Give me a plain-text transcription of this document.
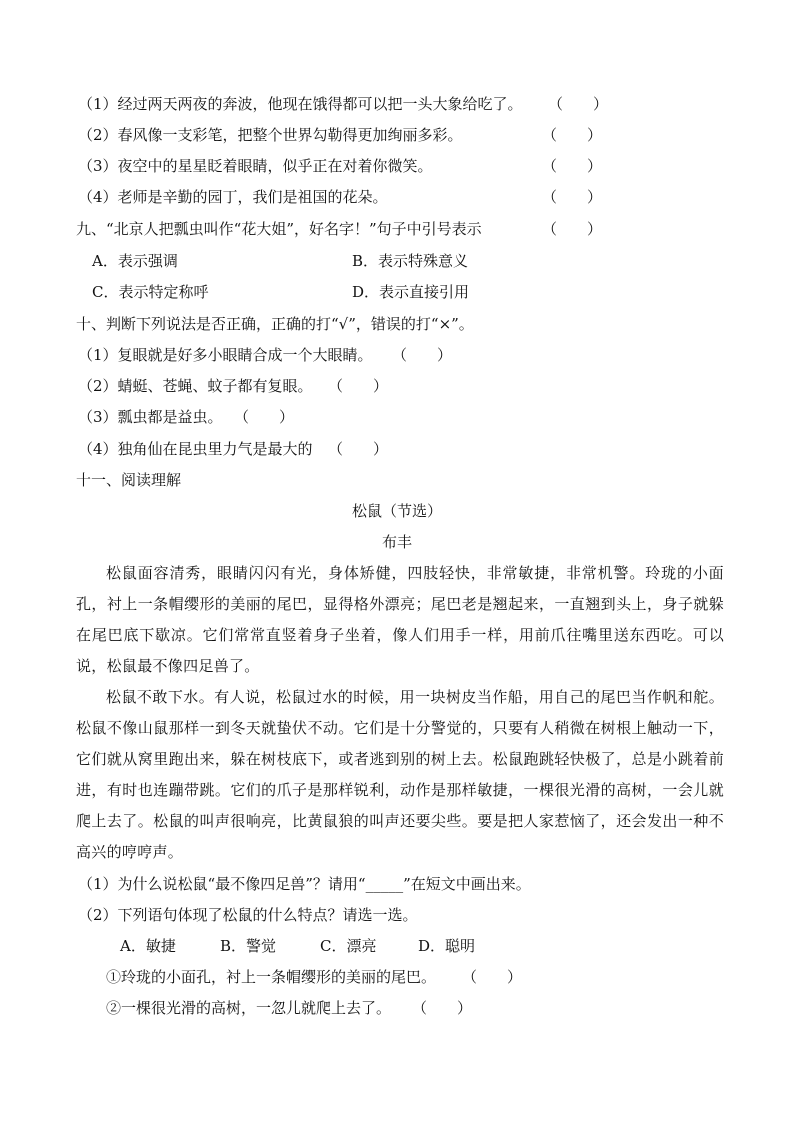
（1）经过两天两夜的奔波，他现在饿得都可以把一头大象给吃了。

（　　）

（2）春风像一支彩笔，把整个世界勾勒得更加绚丽多彩。

	（　　）

（3）夜空中的星星眨着眼睛，似乎正在对着你微笑。

	（　　）

（4）老师是辛勤的园丁，我们是祖国的花朵。

	（　　）

九、“北京人把瓢虫叫作“花大姐”，好名字！”句子中引号表示

	（　　）

A．表示强调

	B．表示特殊意义

C．表示特定称呼

	D．表示直接引用

十、判断下列说法是否正确，正确的打“√”，错误的打“×”。

（1）复眼就是好多小眼睛合成一个大眼睛。

（　　）

（2）蜻蜓、苍蝇、蚊子都有复眼。

（　　）

（3）瓢虫都是益虫。

（　　）

（4）独角仙在昆虫里力气是最大的

（　　）

十一、阅读理解

松鼠（节选）
布丰
松鼠面容清秀，眼睛闪闪有光，身体矫健，四肢轻快，非常敏捷，非常机警。玲珑的小面孔，衬上一条帽缨形的美丽的尾巴，显得格外漂亮；尾巴老是翘起来，一直翘到头上，身子就躲在尾巴底下歇凉。它们常常直竖着身子坐着，像人们用手一样，用前爪往嘴里送东西吃。可以说，松鼠最不像四足兽了。
松鼠不敢下水。有人说，松鼠过水的时候，用一块树皮当作船，用自己的尾巴当作帆和舵。松鼠不像山鼠那样一到冬天就蛰伏不动。它们是十分警觉的，只要有人稍微在树根上触动一下，它们就从窝里跑出来，躲在树枝底下，或者逃到别的树上去。松鼠跑跳轻快极了，总是小跳着前进，有时也连蹦带跳。它们的爪子是那样锐利，动作是那样敏捷，一棵很光滑的高树，一会儿就爬上去了。松鼠的叫声很响亮，比黄鼠狼的叫声还要尖些。要是把人家惹恼了，还会发出一种不高兴的哼哼声。

（1）为什么说松鼠“最不像四足兽”？请用“_____”在短文中画出来。

（2）下列语句体现了松鼠的什么特点？请选一选。

A．敏捷

	B．警觉

	C．漂亮

	D．聪明

①玲珑的小面孔，衬上一条帽缨形的美丽的尾巴。

（　　）

②一棵很光滑的高树，一忽儿就爬上去了。

（　　）
